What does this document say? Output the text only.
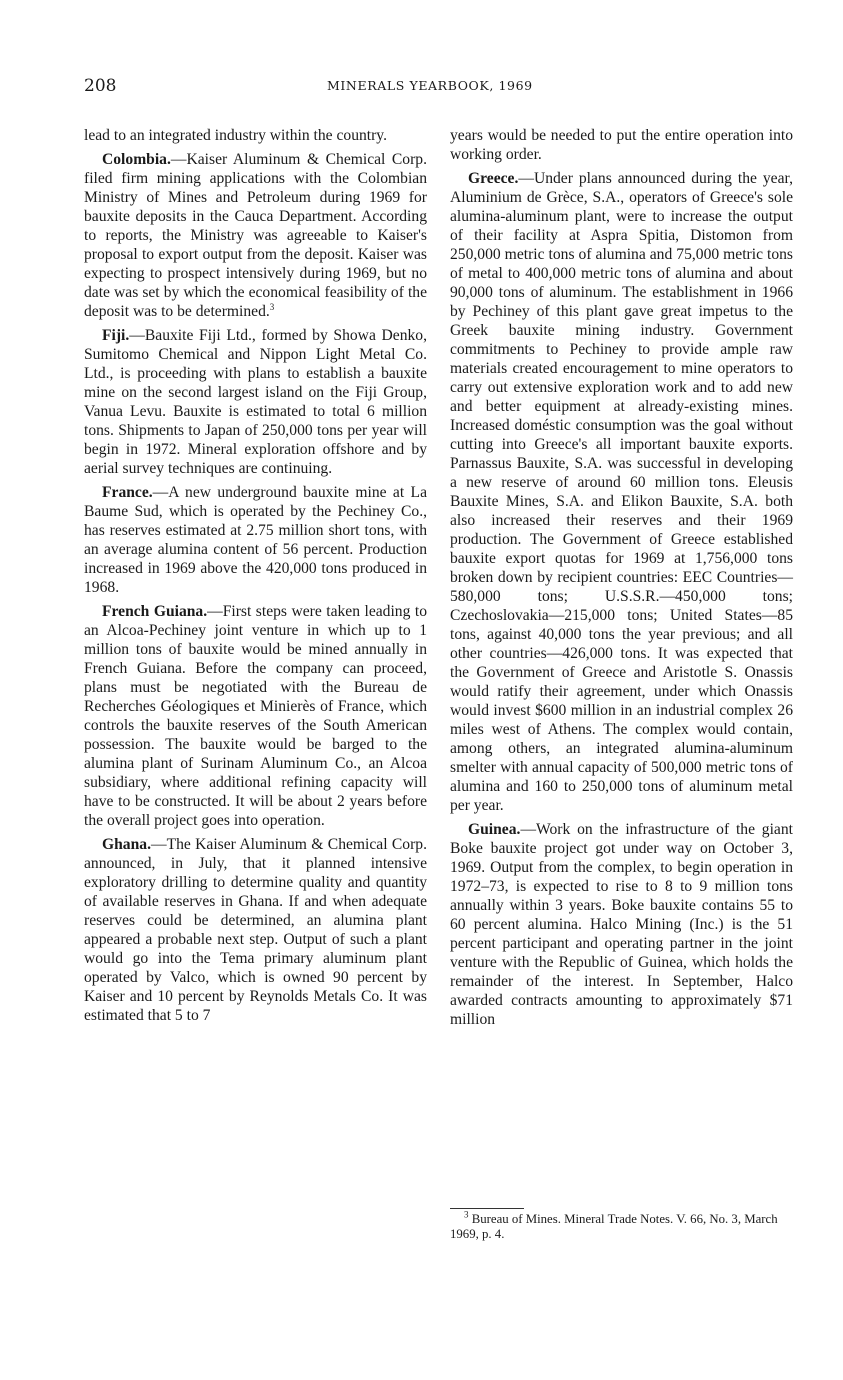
208	MINERALS YEARBOOK, 1969

lead to an integrated industry within the country.

Colombia.—Kaiser Aluminum & Chemical Corp. filed firm mining applications with the Colombian Ministry of Mines and Petroleum during 1969 for bauxite deposits in the Cauca Department. According to reports, the Ministry was agreeable to Kaiser's proposal to export output from the deposit. Kaiser was expecting to prospect intensively during 1969, but no date was set by which the economical feasibility of the deposit was to be determined.$^3$

Fiji.—Bauxite Fiji Ltd., formed by Showa Denko, Sumitomo Chemical and Nippon Light Metal Co. Ltd., is proceeding with plans to establish a bauxite mine on the second largest island on the Fiji Group, Vanua Levu. Bauxite is estimated to total 6 million tons. Shipments to Japan of 250,000 tons per year will begin in 1972. Mineral exploration offshore and by aerial survey techniques are continuing.

France.—A new underground bauxite mine at La Baume Sud, which is operated by the Pechiney Co., has reserves estimated at 2.75 million short tons, with an average alumina content of 56 percent. Production increased in 1969 above the 420,000 tons produced in 1968.

French Guiana.—First steps were taken leading to an Alcoa-Pechiney joint venture in which up to 1 million tons of bauxite would be mined annually in French Guiana. Before the company can proceed, plans must be negotiated with the Bureau de Recherches Géologiques et Minierès of France, which controls the bauxite reserves of the South American possession. The bauxite would be barged to the alumina plant of Surinam Aluminum Co., an Alcoa subsidiary, where additional refining capacity will have to be constructed. It will be about 2 years before the overall project goes into operation.

Ghana.—The Kaiser Aluminum & Chemical Corp. announced, in July, that it planned intensive exploratory drilling to determine quality and quantity of available reserves in Ghana. If and when adequate reserves could be determined, an alumina plant appeared a probable next step. Output of such a plant would go into the Tema primary aluminum plant operated by Valco, which is owned 90 percent by Kaiser and 10 percent by Reynolds Metals Co. It was estimated that 5 to 7

years would be needed to put the entire operation into working order.

Greece.—Under plans announced during the year, Aluminium de Grèce, S.A., operators of Greece's sole alumina-aluminum plant, were to increase the output of their facility at Aspra Spitia, Distomon from 250,000 metric tons of alumina and 75,000 metric tons of metal to 400,000 metric tons of alumina and about 90,000 tons of aluminum. The establishment in 1966 by Pechiney of this plant gave great impetus to the Greek bauxite mining industry. Government commitments to Pechiney to provide ample raw materials created encouragement to mine operators to carry out extensive exploration work and to add new and better equipment at already-existing mines. Increased doméstic consumption was the goal without cutting into Greece's all important bauxite exports. Parnassus Bauxite, S.A. was successful in developing a new reserve of around 60 million tons. Eleusis Bauxite Mines, S.A. and Elikon Bauxite, S.A. both also increased their reserves and their 1969 production. The Government of Greece established bauxite export quotas for 1969 at 1,756,000 tons broken down by recipient countries: EEC Countries—580,000 tons; U.S.S.R.—450,000 tons; Czechoslovakia—215,000 tons; United States—85 tons, against 40,000 tons the year previous; and all other countries—426,000 tons. It was expected that the Government of Greece and Aristotle S. Onassis would ratify their agreement, under which Onassis would invest $600 million in an industrial complex 26 miles west of Athens. The complex would contain, among others, an integrated alumina-aluminum smelter with annual capacity of 500,000 metric tons of alumina and 160 to 250,000 tons of aluminum metal per year.

Guinea.—Work on the infrastructure of the giant Boke bauxite project got under way on October 3, 1969. Output from the complex, to begin operation in 1972–73, is expected to rise to 8 to 9 million tons annually within 3 years. Boke bauxite contains 55 to 60 percent alumina. Halco Mining (Inc.) is the 51 percent participant and operating partner in the joint venture with the Republic of Guinea, which holds the remainder of the interest. In September, Halco awarded contracts amounting to approximately $71 million

$^3$ Bureau of Mines. Mineral Trade Notes. V. 66, No. 3, March 1969, p. 4.
